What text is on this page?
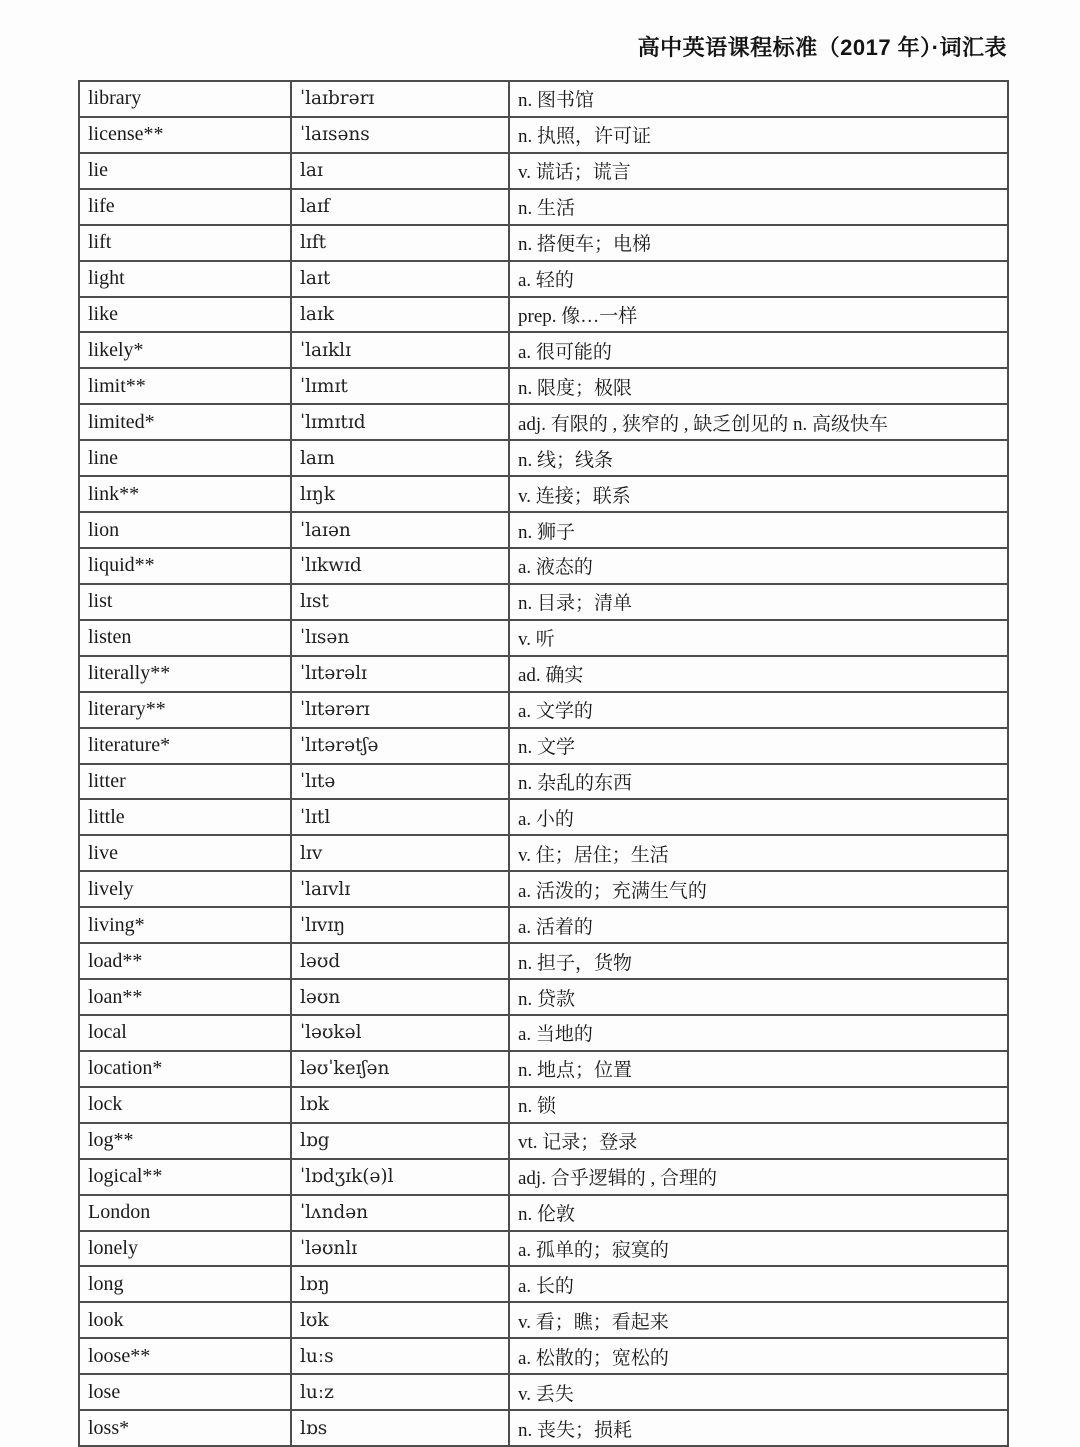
高中英语课程标准（2017 年）·词汇表
library	ˈlaɪbrərɪ	n. 图书馆
license**	ˈlaɪsəns	n. 执照，许可证
lie	laɪ	v. 谎话；谎言
life	laɪf	n. 生活
lift	lɪft	n. 搭便车；电梯
light	laɪt	a. 轻的
like	laɪk	prep. 像…一样
likely*	ˈlaɪklɪ	a. 很可能的
limit**	ˈlɪmɪt	n. 限度；极限
limited*	ˈlɪmɪtɪd	adj. 有限的 , 狭窄的 , 缺乏创见的 n. 高级快车
line	laɪn	n. 线；线条
link**	lɪŋk	v. 连接；联系
lion	ˈlaɪən	n. 狮子
liquid**	ˈlɪkwɪd	a. 液态的
list	lɪst	n. 目录；清单
listen	ˈlɪsən	v. 听
literally**	ˈlɪtərəlɪ	ad. 确实
literary**	ˈlɪtərərɪ	a. 文学的
literature*	ˈlɪtərətʃə	n. 文学
litter	ˈlɪtə	n. 杂乱的东西
little	ˈlɪtl	a. 小的
live	lɪv	v. 住；居住；生活
lively	ˈlaɪvlɪ	a. 活泼的；充满生气的
living*	ˈlɪvɪŋ	a. 活着的
load**	ləʊd	n. 担子，货物
loan**	ləʊn	n. 贷款
local	ˈləʊkəl	a. 当地的
location*	ləʊˈkeɪʃən	n. 地点；位置
lock	lɒk	n. 锁
log**	lɒg	vt. 记录；登录
logical**	ˈlɒdʒɪk(ə)l	adj. 合乎逻辑的 , 合理的
London	ˈlʌndən	n. 伦敦
lonely	ˈləʊnlɪ	a. 孤单的；寂寞的
long	lɒŋ	a. 长的
look	lʊk	v. 看；瞧；看起来
loose**	luːs	a. 松散的；宽松的
lose	luːz	v. 丢失
loss*	lɒs	n. 丧失；损耗
